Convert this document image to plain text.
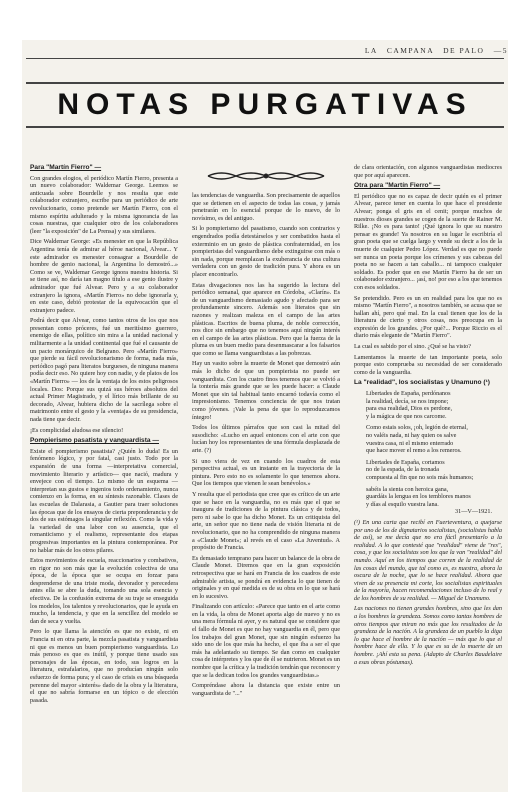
LA CAMPANA DE PALO —5
NOTAS PURGATIVAS
Para "Martín Fierro" —

Con grandes elogios, el periódico Martín Fierro, presenta a un nuevo colaborador: Waldemar George. Leemos se anticuada sobre Bourdelle y nos resulta que este colaborador extranjero, escribe para un periódico de arte revolucionario, como pretende ser Martín Fierro, con el mismo espíritu adulterado y la misma ignorancia de las cosas nuestras, que cualquier otro de los colaboradores (leer "la exposición" de La Prensa) y sus similares.

Dice Waldemar George: «Es menester en que la República Argentina tenía de admirar al héroe nacional, Alvear... Y este admirador es menester consagrar a Bourdelle de hombre de genio nacional, la Argentina lo demostró...» Como se ve, Waldemar George ignora nuestra historia. Si se tiene así, no daría tan magno título a ese genio ilustre y admirador que fué Alvear. Pero y a su colaborador extranjero la ignora, «Martín Fierro» no debe ignorarla y, en este caso, debió protestar de la equivocación que el extranjero padece.

Podrá decir que Alvear, como tantos otros de los que nos presentan como próceres, fué un meritísimo guerrero, enemigo de ellas, político sin mira a la unidad nacional y militarmente a la unidad continental que fué el causante de un pacto monárquico de Belgrano. Pero «Martín Fierro» que pierde su fácil revolucionarismo de forma, nada más, periódico pagó para literatos burgueses, de ninguna manera podía decir eso. No quiere hoy con nadie, y de platos de los «Martín Fierro» — los de la ventaja de los estos peligrosos locales. Dos: Porque sus quizá sus héroes absolutos del actual Primer Magistrado, y el lírico más brillante de su decorado, Alvear, hubiera dicho de la sacrílega sobre el matrimonio entre el gesto y la «ventaja» de su presidencia, nada tiene que decir.

¡Es complicidad aludosa ese silencio!

Pompierismo pasatista y vanguardista —

Existe el pompierismo pasatista? ¿Quién lo duda! Es un fenómeno lógico, y por fatal, casi justo. Todo por la expansión de una forma —interpretativa comercial, movimiento literario y artístico— que nació, madura y envejece con el tiempo. Lo mismo de un esquema — interpretan sus gustos e ingenios todo ordenamiento, nunca comienzo en la forma, en su síntesis razonable. Clases de las escuelas de Dalarasia, a Gautier para traer soluciones las épocas que de los ensayos de cierta preponderancia y de dos de sus estómagos la singular reflexión. Como la vida y la variedad de una labor con su ausencia, que el romanticismo y el realismo, representante dos etapas progresivas importantes en la pintura contemporánea. Por no hablar más de los otros pilares.

Estos movimientos de escuela, reaccionarios y combativos, en rigor no son más que la evolución colectiva de una época, de la época que se ocupa en forzar para desprenderse de una triste moda, devorador y perecedera antes ella se abre la duda, tomando una sola esencia y efectiva. De la confusión extrema de su traje se enseguida los modelos, los talentos y revolucionarios, que le ayuda en mucho, la tendencia, y que en la sencillez del modelo se dan de seca y vuelta.

Pero lo que llama la atención es que no existe, ni en Francia ni en otra parte, la mezcla pasatista y vanguardista ni que es menos un buen pompierismo vanguardista. Lo más penoso es que es inútil, y porque tiene usado sus personajes de las épocas, en todo, sus logros en la literatura, estrafalarios, que no producían ningún solo esfuerzo de forma pura; y el caso de crisis es una búsqueda perenne del mayor «interés» dado de la obra y la literatura, el que no sabría formarse en un tópico o de elección pasada.

las tendencias de vanguardia. Son precisamente de aquellos que se detienen en el aspecto de todas las cosas, y jamás penetrarán en lo esencial porque de lo nuevo, de lo novísimo, es del antiguo.

Si lo pompierismo del pasatismo, cuando son contrarios y engendrados podía detestárselos y ser combatidos hasta el exterminio en un gesto de plástica confraternidad, en los pompieristas del vanguardismo debe extinguirse con más o sin nada, porque reemplazan la exuberancia de una cultura verdadera con un gesto de tradición pura. Y ahora es un placer encontrarlo.

Estas divagaciones nos las ha sugerido la lectura del periódico semanal, que aparece en Córdoba, «Clarín». Es de un vanguardismo demasiado agudo y afectado para ser profundamente sincero. Además son literatos que sin razones y realizan maleza en el campo de las artes plásticas. Escritos de buena pluma, de noble corrección, nos dice sin embargo que no tenemos aquí ningún interés en el campo de las artes plásticas. Pero que la fuerza de la pluma es un buen medio para desenmascarar a los falsarios que como se llama vanguardistas a las pobrezas.

Hay un vasito sobre la muerte de Monet que demostró aún más lo dicho de que un pompierista no puede ser vanguardista. Con los cuatro finos tenemos que se volvió a la tontería más grande que se les puede hacer: a Claude Monet que sin tal habitual tanto encarnó todavía como el impresionismo. Tenemos conciencia de que nos tratan como jóvenes. ¡Vale la pena de que lo reproduzcamos íntegro!

Todos los últimos párrafos que son casi la mitad del susodicho: «Lucho en aquel entonces con el arte con que lucían hoy los representantes de una fórmula desplazada de arte. (?)

Si uno viera de vez en cuando los cuadros de esta perspectiva actual, es un instante en la trayectoria de la pintura. Pero esto no es solamente lo que tenemos ahora. Que los tiempos que vienen le sean benévolos.»

Y resulta que el periodista que cree que es crítico de un arte que se hace en la vanguardia, no es más que el que se inaugura de tradiciones de la pintura clásica y de todos, pero ni sabe lo que ha dicho Monet. Es un critiquista del arte, un señor que no tiene nada de visión literaria ni de revolucionario, que no ha comprendido de ninguna manera a «Claude Monet»; al revés en el caso «La Juventud». A propósito de Francia.

Es demasiado temprano para hacer un balance de la obra de Claude Monet. Diremos que en la gran exposición retrospectiva que se hará en Francia de los cuadros de este admirable artista, se pondrá en evidencia lo que tienen de originales y en qué medida es de su obra en lo que se hará en lo sucesivo.

Finalizando con artículo: «Parece que tanto en el arte como en la vida, la obra de Monet aporta algo de nuevo y no es una mera fórmula ni ayer, y es natural que se considere que el fallo de Monet es que no hay vanguardia en él, pero que los trabajos del gran Monet, que sin ningún esfuerzo ha sido uno de los que más ha hecho, el que iba a ser el que más ha adelantado su tiempo. Se dan como en cualquier cosa de intérpretes y los que de él se nutrieron. Monet es un nombre que la crítica y la tradición tendrán que reconocer y que se la dedican todos los grandes vanguardistas.»

Compréndase ahora la distancia que existe entre un vanguardista de "..."

de clara orientación, con algunos vanguardistas mediocres que por aquí aparecen.

Otra para "Martín Fierro" —

El periódico que no es capaz de decir quién es el primer Alvear, parece tener en cuenta lo que hace el presidente Alvear; ponga el gris en el cenit; porque muchos de nuestros dioses grandes se cogen de la suerte de Rainer M. Rilke. ¡No es para tanto! ¡Qué ignora lo que su nuestro pensar es grande! Ya nosotros en su lugar le escribiría el gran poeta que se cuelga largo y vende su decir a los de la muerte de cualquier Pedro López. Verdad es que no puede ser nunca un poeta porque los crímenes y sus cabezas del poeta no se hacen a tan caballo... ni tampoco cualquier soldado. Es poder que en ese Martín Fierro ha de ser un colaborador extranjero... ¡así, no! por eso a los que tenemos con esos soldados.

Se pretendido. Pero es un en realidad para los que no es mismo "Martín Fierro", a nosotros también, se acusa que se hallan ahí, pero qué mal. En la cual tienen que los de la literatura de cierto y otros cosas, nos preocupa en la expresión de los grandes. ¿Por qué?... Porque Riccio es el diario más elegante de "Martín Fierro".

La cual es sabido por el sino. ¿Qué se ha visto?

Lamentamos la muerte de tan importante poeta, solo porque esto comprueba su necesidad de ser considerado como de la vanguardia.

La "realidad", los socialistas y Unamuno (¹)
Libertades de España, perdónanos
la realidad, decía, se nos impone;
para esa realidad, Dios es perdone,
y la mágica de que nos carcome.
Como estais solos, ¡oh, legión de eternal,
no valéis nada, ni hay quien os salve
vuestra casa, ni el mismo enterrado
que hace mover el remo a los remeros.
Libertades de España, cortamos
no de la espada, de la tronada
compuesta al fin que no sois más humanos;
sabéis la sienta con heroica gana,
guardáis la lengua en los temblores manos
y días al esquilo vuestra lana.

31—V—1921.

(¹) En una carta que recibí en Fuerteventura, a quejarse por uno de los de dignatarios socialistas, (socialistas habla de así), se me decía que no era fácil presentarlo a la realidad. A lo que contesté que "realidad" viene de "res", cosa, y que los socialistas son los que la van "realidad" del mundo. Aquí en los tiempos que corren de la realidad de las cosas del mundo, que tal como es, es nuestra, ahora la oscura de la noche, que lo se hace realidad. Ahora que viven de su presencia mi corte, los socialistas espirituales de la mayoría, hacen recomendaciones incluso de lo real y de los hombres de su realidad. — Miguel de Unamuno.

Las naciones no tienen grandes hombres, sino que les dan a los hombres la grandeza. Somos como tantas hombres de otros tiempos que miran no más que los resultados de la grandeza de la nación. A la grandeza de un pueblo la diga lo que hace el hombre de la nación — más que lo que el hombre hace de ella. Y lo que es su de la muerte de un hombre. ¡Ahí esta su pena. (Adapto de Charles Baudelaire a esas obras póstumas).
